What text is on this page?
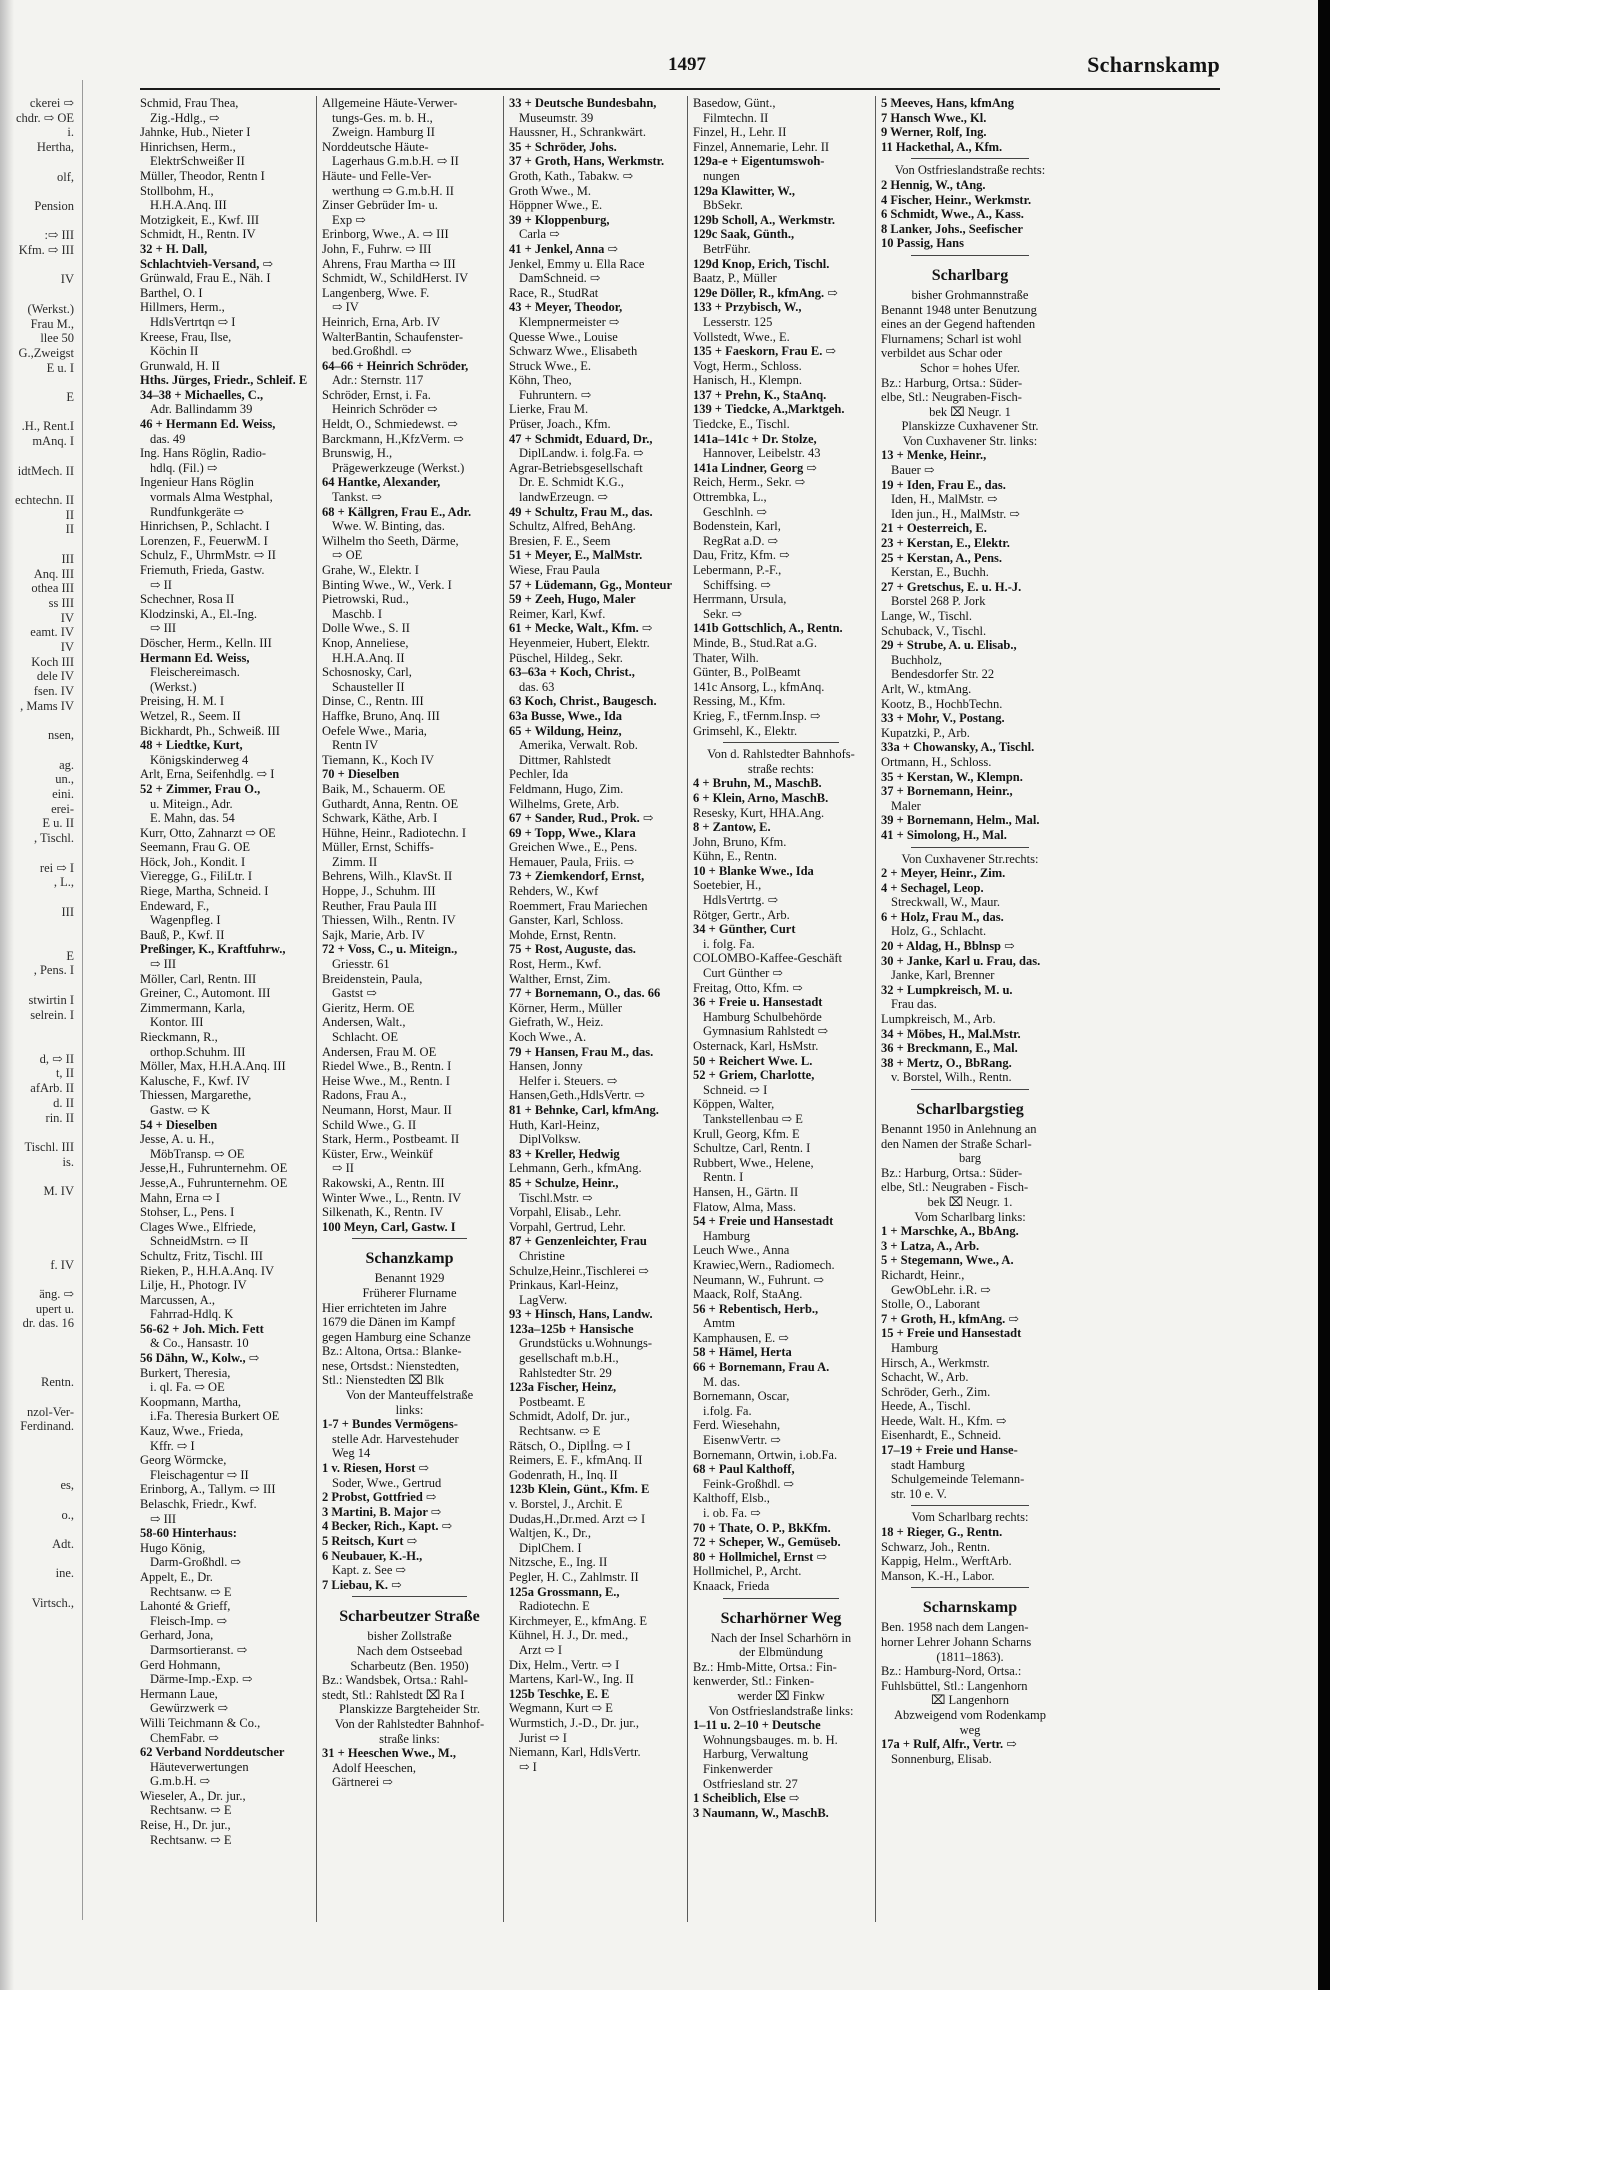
ckerei ⇨
chdr. ⇨ OE
i.
Hertha,

olf,

Pension

:⇨ III
Kfm. ⇨ III

IV

(Werkst.)
Frau M.,
llee 50
G.,Zweigst
E u. I

E

.H., Rent.I
mAnq. I

idtMech. II

echtechn. II
II
II

III
Anq. III
othea III
ss III
IV
eamt. IV
IV
Koch III
dele IV
fsen. IV
, Mams IV

nsen,

ag.
un.,
eini.
erei-
E u. II
, Tischl.

rei ⇨ I
, L.,

III

E
, Pens. I

stwirtin I
selrein. I

d, ⇨ II
t, II
afArb. II
d. II
rin. II

Tischl. III
is.

M. IV

f. IV

äng. ⇨
upert u.
dr. das. 16

Rentn.

nzol-Ver-
Ferdinand.

es,

o.,

Adt.

ine.

Virtsch.,
1497	Scharnskamp
Schmid, Frau Thea,
Zig.-Hdlg., ⇨
Jahnke, Hub., Nieter I
Hinrichsen, Herm.,
ElektrSchweißer II
Müller, Theodor, Rentn I
Stollbohm, H.,
H.H.A.Anq. III
Motzigkeit, E., Kwf. III
Schmidt, H., Rentn. IV
32 + H. Dall,
Schlachtvieh-Versand, ⇨
Grünwald, Frau E., Näh. I
Barthel, O. I
Hillmers, Herm.,
HdlsVertrtqn ⇨ I
Kreese, Frau, Ilse,
Köchin II
Grunwald, H. II
Hths. Jürges, Friedr., Schleif. E
34–38 + Michaelles, C.,
Adr. Ballindamm 39
46 + Hermann Ed. Weiss,
das. 49
Ing. Hans Röglin, Radio-
hdlq. (Fil.) ⇨
Ingenieur Hans Röglin
vormals Alma Westphal,
Rundfunkgeräte ⇨
Hinrichsen, P., Schlacht. I
Lorenzen, F., FeuerwM. I
Schulz, F., UhrmMstr. ⇨ II
Friemuth, Frieda, Gastw.
⇨ II
Schechner, Rosa II
Klodzinski, A., El.-Ing.
⇨ III
Döscher, Herm., Kelln. III
Hermann Ed. Weiss,
Fleischereimasch.
(Werkst.)
Preising, H. M. I
Wetzel, R., Seem. II
Bickhardt, Ph., Schweiß. III
48 + Liedtke, Kurt,
Königskinderweg 4
Arlt, Erna, Seifenhdlg. ⇨ I
52 + Zimmer, Frau O.,
u. Miteign., Adr.
E. Mahn, das. 54
Kurr, Otto, Zahnarzt ⇨ OE
Seemann, Frau G. OE
Höck, Joh., Kondit. I
Vieregge, G., FiliLtr. I
Riege, Martha, Schneid. I
Endeward, F.,
Wagenpfleg. I
Bauß, P., Kwf. II
Preßinger, K., Kraftfuhrw.,
⇨ III
Möller, Carl, Rentn. III
Greiner, C., Automont. III
Zimmermann, Karla,
Kontor. III
Rieckmann, R.,
orthop.Schuhm. III
Möller, Max, H.H.A.Anq. III
Kalusche, F., Kwf. IV
Thiessen, Margarethe,
Gastw. ⇨ K
54 + Dieselben
Jesse, A. u. H.,
MöbTransp. ⇨ OE
Jesse,H., Fuhrunternehm. OE
Jesse,A., Fuhrunternehm. OE
Mahn, Erna ⇨ I
Stohser, L., Pens. I
Clages Wwe., Elfriede,
SchneidMstrn. ⇨ II
Schultz, Fritz, Tischl. III
Rieken, P., H.H.A.Anq. IV
Lilje, H., Photogr. IV
Marcussen, A.,
Fahrrad-Hdlq. K
56-62 + Joh. Mich. Fett
& Co., Hansastr. 10
56 Dähn, W., Kolw., ⇨
Burkert, Theresia,
i. ql. Fa. ⇨ OE
Koopmann, Martha,
i.Fa. Theresia Burkert OE
Kauz, Wwe., Frieda,
Kffr. ⇨ I
Georg Wörmcke,
Fleischagentur ⇨ II
Erinborg, A., Tallym. ⇨ III
Belaschk, Friedr., Kwf.
⇨ III
58-60 Hinterhaus:
Hugo König,
Darm-Großhdl. ⇨
Appelt, E., Dr.
Rechtsanw. ⇨ E
Lahonté & Grieff,
Fleisch-Imp. ⇨
Gerhard, Jona,
Darmsortieranst. ⇨
Gerd Hohmann,
Därme-Imp.-Exp. ⇨
Hermann Laue,
Gewürzwerk ⇨
Willi Teichmann & Co.,
ChemFabr. ⇨
62 Verband Norddeutscher
Häuteverwertungen
G.m.b.H. ⇨
Wieseler, A., Dr. jur.,
Rechtsanw. ⇨ E
Reise, H., Dr. jur.,
Rechtsanw. ⇨ E
Allgemeine Häute-Verwer-
tungs-Ges. m. b. H.,
Zweign. Hamburg II
Norddeutsche Häute-
Lagerhaus G.m.b.H. ⇨ II
Häute- und Felle-Ver-
werthung ⇨ G.m.b.H. II
Zinser Gebrüder Im- u.
Exp ⇨
Erinborg, Wwe., A. ⇨ III
John, F., Fuhrw. ⇨ III
Ahrens, Frau Martha ⇨ III
Schmidt, W., SchildHerst. IV
Langenberg, Wwe. F.
⇨ IV
Heinrich, Erna, Arb. IV
WalterBantin, Schaufenster-
bed.Großhdl. ⇨
64–66 + Heinrich Schröder,
Adr.: Sternstr. 117
Schröder, Ernst, i. Fa.
Heinrich Schröder ⇨
Heldt, O., Schmiedewst. ⇨
Barckmann, H.,KfzVerm. ⇨
Brunswig, H.,
Prägewerkzeuge (Werkst.)
64 Hantke, Alexander,
Tankst. ⇨
68 + Källgren, Frau E., Adr.
Wwe. W. Binting, das.
Wilhelm tho Seeth, Därme,
⇨ OE
Grahe, W., Elektr. I
Binting Wwe., W., Verk. I
Pietrowski, Rud.,
Maschb. I
Dolle Wwe., S. II
Knop, Anneliese,
H.H.A.Anq. II
Schosnosky, Carl,
Schausteller II
Dinse, C., Rentn. III
Haffke, Bruno, Anq. III
Oefele Wwe., Maria,
Rentn IV
Tiemann, K., Koch IV
70 + Dieselben
Baik, M., Schauerm. OE
Guthardt, Anna, Rentn. OE
Schwark, Käthe, Arb. I
Hühne, Heinr., Radiotechn. I
Müller, Ernst, Schiffs-
Zimm. II
Behrens, Wilh., KlavSt. II
Hoppe, J., Schuhm. III
Reuther, Frau Paula III
Thiessen, Wilh., Rentn. IV
Sajk, Marie, Arb. IV
72 + Voss, C., u. Miteign.,
Griesstr. 61
Breidenstein, Paula,
Gastst ⇨
Gieritz, Herm. OE
Andersen, Walt.,
Schlacht. OE
Andersen, Frau M. OE
Riedel Wwe., B., Rentn. I
Heise Wwe., M., Rentn. I
Radons, Frau A.,
Neumann, Horst, Maur. II
Schild Wwe., G. II
Stark, Herm., Postbeamt. II
Küster, Erw., Weinküf
⇨ II
Rakowski, A., Rentn. III
Winter Wwe., L., Rentn. IV
Silkenath, K., Rentn. IV
100 Meyn, Carl, Gastw. I
Schanzkamp
Benannt 1929
Früherer Flurname
Hier errichteten im Jahre
1679 die Dänen im Kampf
gegen Hamburg eine Schanze
Bz.: Altona, Ortsa.: Blanke-
nese, Ortsdst.: Nienstedten,
Stl.: Nienstedten ⌧ Blk
Von der Manteuffelstraße
links:
1-7 + Bundes Vermögens-
stelle Adr. Harvestehuder
Weg 14
1 v. Riesen, Horst ⇨
Soder, Wwe., Gertrud
2 Probst, Gottfried ⇨
3 Martini, B. Major ⇨
4 Becker, Rich., Kapt. ⇨
5 Reitsch, Kurt ⇨
6 Neubauer, K.-H.,
Kapt. z. See ⇨
7 Liebau, K. ⇨
Scharbeutzer Straße
bisher Zollstraße
Nach dem Ostseebad
Scharbeutz (Ben. 1950)
Bz.: Wandsbek, Ortsa.: Rahl-
stedt, Stl.: Rahlstedt ⌧ Ra I
Planskizze Bargteheider Str.
Von der Rahlstedter Bahnhof-
straße links:
31 + Heeschen Wwe., M.,
Adolf Heeschen,
Gärtnerei ⇨
33 + Deutsche Bundesbahn,
Museumstr. 39
Haussner, H., Schrankwärt.
35 + Schröder, Johs.
37 + Groth, Hans, Werkmstr.
Groth, Kath., Tabakw. ⇨
Groth Wwe., M.
Höppner Wwe., E.
39 + Kloppenburg,
Carla ⇨
41 + Jenkel, Anna ⇨
Jenkel, Emmy u. Ella Race
DamSchneid. ⇨
Race, R., StudRat
43 + Meyer, Theodor,
Klempnermeister ⇨
Quesse Wwe., Louise
Schwarz Wwe., Elisabeth
Struck Wwe., E.
Köhn, Theo,
Fuhruntern. ⇨
Lierke, Frau M.
Prüser, Joach., Kfm.
47 + Schmidt, Eduard, Dr.,
DiplLandw. i. folg.Fa. ⇨
Agrar-Betriebsgesellschaft
Dr. E. Schmidt K.G.,
landwErzeugn. ⇨
49 + Schultz, Frau M., das.
Schultz, Alfred, BehAng.
Bresien, F. E., Seem
51 + Meyer, E., MalMstr.
Wiese, Frau Paula
57 + Lüdemann, Gg., Monteur
59 + Zeeh, Hugo, Maler
Reimer, Karl, Kwf.
61 + Mecke, Walt., Kfm. ⇨
Heyenmeier, Hubert, Elektr.
Püschel, Hildeg., Sekr.
63–63a + Koch, Christ.,
das. 63
63 Koch, Christ., Baugesch.
63a Busse, Wwe., Ida
65 + Wildung, Heinz,
Amerika, Verwalt. Rob.
Dittmer, Rahlstedt
Pechler, Ida
Feldmann, Hugo, Zim.
Wilhelms, Grete, Arb.
67 + Sander, Rud., Prok. ⇨
69 + Topp, Wwe., Klara
Greichen Wwe., E., Pens.
Hemauer, Paula, Friis. ⇨
73 + Ziemkendorf, Ernst,
Rehders, W., Kwf
Roemmert, Frau Mariechen
Ganster, Karl, Schloss.
Mohde, Ernst, Rentn.
75 + Rost, Auguste, das.
Rost, Herm., Kwf.
Walther, Ernst, Zim.
77 + Bornemann, O., das. 66
Körner, Herm., Müller
Giefrath, W., Heiz.
Koch Wwe., A.
79 + Hansen, Frau M., das.
Hansen, Jonny
Helfer i. Steuers. ⇨
Hansen,Geth.,HdlsVertr. ⇨
81 + Behnke, Carl, kfmAng.
Huth, Karl-Heinz,
DiplVolksw.
83 + Kreller, Hedwig
Lehmann, Gerh., kfmAng.
85 + Schulze, Heinr.,
Tischl.Mstr. ⇨
Vorpahl, Elisab., Lehr.
Vorpahl, Gertrud, Lehr.
87 + Genzenleichter, Frau
Christine
Schulze,Heinr.,Tischlerei ⇨
Prinkaus, Karl-Heinz,
LagVerw.
93 + Hinsch, Hans, Landw.
123a–125b + Hansische
Grundstücks u.Wohnungs-
gesellschaft m.b.H.,
Rahlstedter Str. 29
123a Fischer, Heinz,
Postbeamt. E
Schmidt, Adolf, Dr. jur.,
Rechtsanw. ⇨ E
Rätsch, O., Diplİng. ⇨ I
Reimers, E. F., kfmAnq. II
Godenrath, H., Inq. II
123b Klein, Günt., Kfm. E
v. Borstel, J., Archit. E
Dudas,H.,Dr.med. Arzt ⇨ I
Waltjen, K., Dr.,
DiplChem. I
Nitzsche, E., Ing. II
Pegler, H. C., Zahlmstr. II
125a Grossmann, E.,
Radiotechn. E
Kirchmeyer, E., kfmAng. E
Kühnel, H. J., Dr. med.,
Arzt ⇨ I
Dix, Helm., Vertr. ⇨ I
Martens, Karl-W., Ing. II
125b Teschke, E. E
Wegmann, Kurt ⇨ E
Wurmstich, J.-D., Dr. jur.,
Jurist ⇨ I
Niemann, Karl, HdlsVertr.
⇨ I
Basedow, Günt.,
Filmtechn. II
Finzel, H., Lehr. II
Finzel, Annemarie, Lehr. II
129a-e + Eigentumswoh-
nungen
129a Klawitter, W.,
BbSekr.
129b Scholl, A., Werkmstr.
129c Saak, Günth.,
BetrFühr.
129d Knop, Erich, Tischl.
Baatz, P., Müller
129e Döller, R., kfmAng. ⇨
133 + Przybisch, W.,
Lesserstr. 125
Vollstedt, Wwe., E.
135 + Faeskorn, Frau E. ⇨
Vogt, Herm., Schloss.
Hanisch, H., Klempn.
137 + Prehn, K., StaAnq.
139 + Tiedcke, A.,Marktgeh.
Tiedcke, E., Tischl.
141a–141c + Dr. Stolze,
Hannover, Leibelstr. 43
141a Lindner, Georg ⇨
Reich, Herm., Sekr. ⇨
Ottrembka, L.,
Geschlnh. ⇨
Bodenstein, Karl,
RegRat a.D. ⇨
Dau, Fritz, Kfm. ⇨
Lebermann, P.-F.,
Schiffsing. ⇨
Herrmann, Ursula,
Sekr. ⇨
141b Gottschlich, A., Rentn.
Minde, B., Stud.Rat a.G.
Thater, Wilh.
Günter, B., PolBeamt
141c Ansorg, L., kfmAnq.
Ressing, M., Kfm.
Krieg, F., tFernm.Insp. ⇨
Grimsehl, K., Elektr.
Von d. Rahlstedter Bahnhofs-
straße rechts:
4 + Bruhn, M., MaschB.
6 + Klein, Arno, MaschB.
Resesky, Kurt, HHA.Ang.
8 + Zantow, E.
John, Bruno, Kfm.
Kühn, E., Rentn.
10 + Blanke Wwe., Ida
Soetebier, H.,
HdlsVertrtg. ⇨
Rötger, Gertr., Arb.
34 + Günther, Curt
i. folg. Fa.
COLOMBO-Kaffee-Geschäft
Curt Günther ⇨
Freitag, Otto, Kfm. ⇨
36 + Freie u. Hansestadt
Hamburg Schulbehörde
Gymnasium Rahlstedt ⇨
Osternack, Karl, HsMstr.
50 + Reichert Wwe. L.
52 + Griem, Charlotte,
Schneid. ⇨ I
Köppen, Walter,
Tankstellenbau ⇨ E
Krull, Georg, Kfm. E
Schultze, Carl, Rentn. I
Rubbert, Wwe., Helene,
Rentn. I
Hansen, H., Gärtn. II
Flatow, Alma, Mass.
54 + Freie und Hansestadt
Hamburg
Leuch Wwe., Anna
Krawiec,Wern., Radiomech.
Neumann, W., Fuhrunt. ⇨
Maack, Rolf, StaAng.
56 + Rebentisch, Herb.,
Amtm
Kamphausen, E. ⇨
58 + Hämel, Herta
66 + Bornemann, Frau A.
M. das.
Bornemann, Oscar,
i.folg. Fa.
Ferd. Wiesehahn,
EisenwVertr. ⇨
Bornemann, Ortwin, i.ob.Fa.
68 + Paul Kalthoff,
Feink-Großhdl. ⇨
Kalthoff, Elsb.,
i. ob. Fa. ⇨
70 + Thate, O. P., BkKfm.
72 + Scheper, W., Gemüseb.
80 + Hollmichel, Ernst ⇨
Hollmichel, P., Archt.
Knaack, Frieda
Scharhörner Weg
Nach der Insel Scharhörn in
der Elbmündung
Bz.: Hmb-Mitte, Ortsa.: Fin-
kenwerder, Stl.: Finken-
werder ⌧ Finkw
Von Ostfrieslandstraße links:
1–11 u. 2–10 + Deutsche
Wohnungsbauges. m. b. H.
Harburg, Verwaltung
Finkenwerder
Ostfriesland str. 27
1 Scheiblich, Else ⇨
3 Naumann, W., MaschB.
5 Meeves, Hans, kfmAng
7 Hansch Wwe., Kl.
9 Werner, Rolf, Ing.
11 Hackethal, A., Kfm.
Von Ostfrieslandstraße rechts:
2 Hennig, W., tAng.
4 Fischer, Heinr., Werkmstr.
6 Schmidt, Wwe., A., Kass.
8 Lanker, Johs., Seefischer
10 Passig, Hans
Scharlbarg
bisher Grohmannstraße
Benannt 1948 unter Benutzung
eines an der Gegend haftenden
Flurnamens; Scharl ist wohl
verbildet aus Schar oder
Schor = hohes Ufer.
Bz.: Harburg, Ortsa.: Süder-
elbe, Stl.: Neugraben-Fisch-
bek ⌧ Neugr. 1
Planskizze Cuxhavener Str.
Von Cuxhavener Str. links:
13 + Menke, Heinr.,
Bauer ⇨
19 + Iden, Frau E., das.
Iden, H., MalMstr. ⇨
Iden jun., H., MalMstr. ⇨
21 + Oesterreich, E.
23 + Kerstan, E., Elektr.
25 + Kerstan, A., Pens.
Kerstan, E., Buchh.
27 + Gretschus, E. u. H.-J.
Borstel 268 P. Jork
Lange, W., Tischl.
Schuback, V., Tischl.
29 + Strube, A. u. Elisab.,
Buchholz,
Bendesdorfer Str. 22
Arlt, W., ktmAng.
Kootz, B., HochbTechn.
33 + Mohr, V., Postang.
Kupatzki, P., Arb.
33a + Chowansky, A., Tischl.
Ortmann, H., Schloss.
35 + Kerstan, W., Klempn.
37 + Bornemann, Heinr.,
Maler
39 + Bornemann, Helm., Mal.
41 + Simolong, H., Mal.
Von Cuxhavener Str.rechts:
2 + Meyer, Heinr., Zim.
4 + Sechagel, Leop.
Streckwall, W., Maur.
6 + Holz, Frau M., das.
Holz, G., Schlacht.
20 + Aldag, H., Bblnsp ⇨
30 + Janke, Karl u. Frau, das.
Janke, Karl, Brenner
32 + Lumpkreisch, M. u.
Frau das.
Lumpkreisch, M., Arb.
34 + Möbes, H., Mal.Mstr.
36 + Breckmann, E., Mal.
38 + Mertz, O., BbRang.
v. Borstel, Wilh., Rentn.
Scharlbargstieg
Benannt 1950 in Anlehnung an
den Namen der Straße Scharl-
barg
Bz.: Harburg, Ortsa.: Süder-
elbe, Stl.: Neugraben - Fisch-
bek ⌧ Neugr. 1.
Vom Scharlbarg links:
1 + Marschke, A., BbAng.
3 + Latza, A., Arb.
5 + Stegemann, Wwe., A.
Richardt, Heinr.,
GewObLehr. i.R. ⇨
Stolle, O., Laborant
7 + Groth, H., kfmAng. ⇨
15 + Freie und Hansestadt
Hamburg
Hirsch, A., Werkmstr.
Schacht, W., Arb.
Schröder, Gerh., Zim.
Heede, A., Tischl.
Heede, Walt. H., Kfm. ⇨
Eisenhardt, E., Schneid.
17–19 + Freie und Hanse-
stadt Hamburg
Schulgemeinde Telemann-
str. 10 e. V.
Vom Scharlbarg rechts:
18 + Rieger, G., Rentn.
Schwarz, Joh., Rentn.
Kappig, Helm., WerftArb.
Manson, K.-H., Labor.
Scharnskamp
Ben. 1958 nach dem Langen-
horner Lehrer Johann Scharns
(1811–1863).
Bz.: Hamburg-Nord, Ortsa.:
Fuhlsbüttel, Stl.: Langenhorn
⌧ Langenhorn
Abzweigend vom Rodenkamp
weg
17a + Rulf, Alfr., Vertr. ⇨
Sonnenburg, Elisab.
